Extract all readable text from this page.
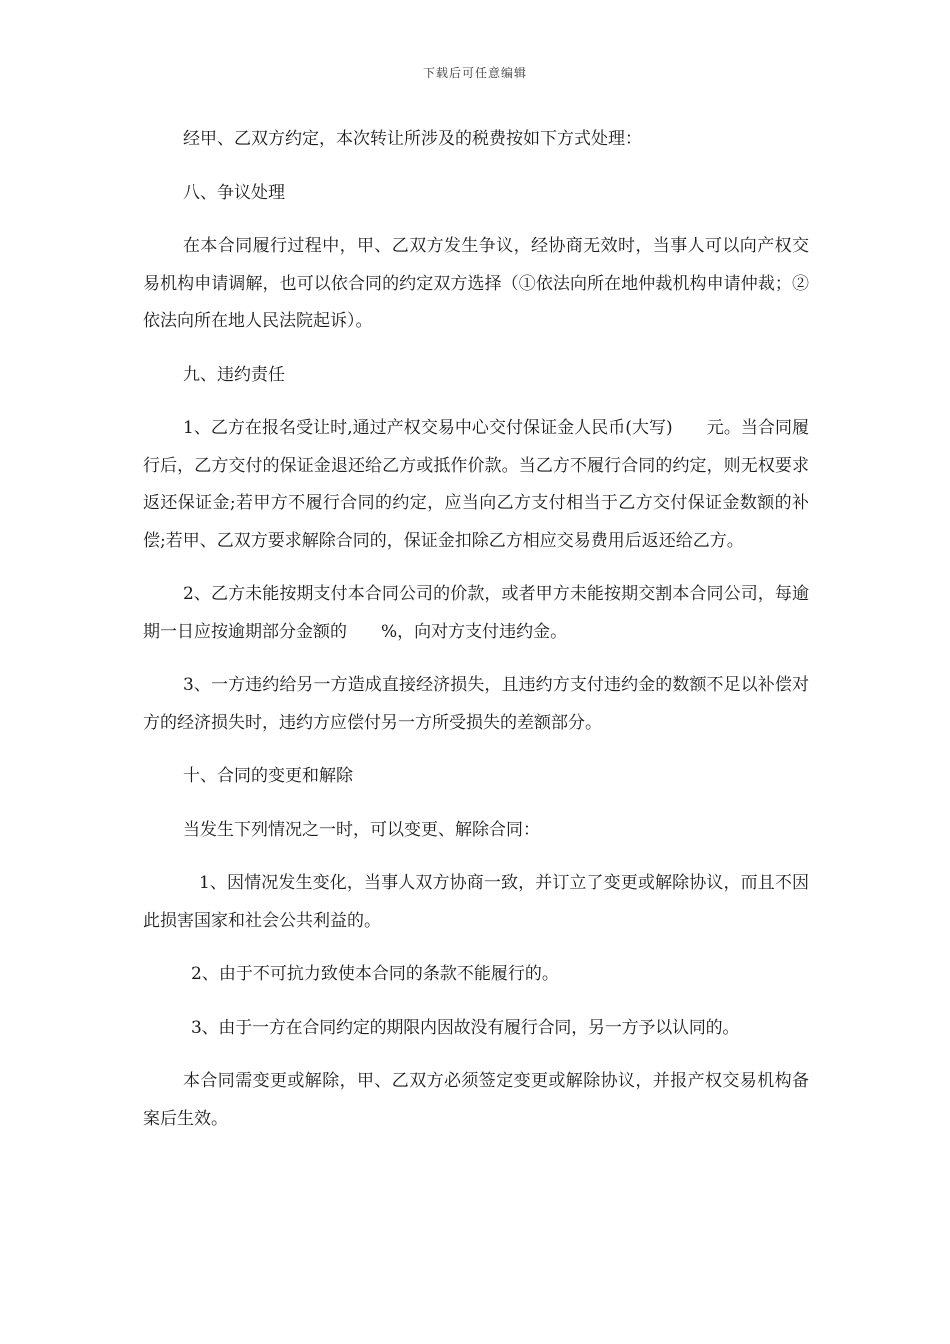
下载后可任意编辑

经甲、乙双方约定，本次转让所涉及的税费按如下方式处理：

八、争议处理

在本合同履行过程中，甲、乙双方发生争议，经协商无效时，当事人可以向产权交易机构申请调解，也可以依合同的约定双方选择（①依法向所在地仲裁机构申请仲裁；②依法向所在地人民法院起诉）。

九、违约责任

1、乙方在报名受让时,通过产权交易中心交付保证金人民币(大写)　　元。当合同履行后，乙方交付的保证金退还给乙方或抵作价款。当乙方不履行合同的约定，则无权要求返还保证金;若甲方不履行合同的约定，应当向乙方支付相当于乙方交付保证金数额的补偿;若甲、乙双方要求解除合同的，保证金扣除乙方相应交易费用后返还给乙方。

2、乙方未能按期支付本合同公司的价款，或者甲方未能按期交割本合同公司，每逾期一日应按逾期部分金额的　　%，向对方支付违约金。

3、一方违约给另一方造成直接经济损失，且违约方支付违约金的数额不足以补偿对方的经济损失时，违约方应偿付另一方所受损失的差额部分。

十、合同的变更和解除

当发生下列情况之一时，可以变更、解除合同：

1、因情况发生变化，当事人双方协商一致，并订立了变更或解除协议，而且不因此损害国家和社会公共利益的。

2、由于不可抗力致使本合同的条款不能履行的。

3、由于一方在合同约定的期限内因故没有履行合同，另一方予以认同的。

本合同需变更或解除，甲、乙双方必须签定变更或解除协议，并报产权交易机构备案后生效。
